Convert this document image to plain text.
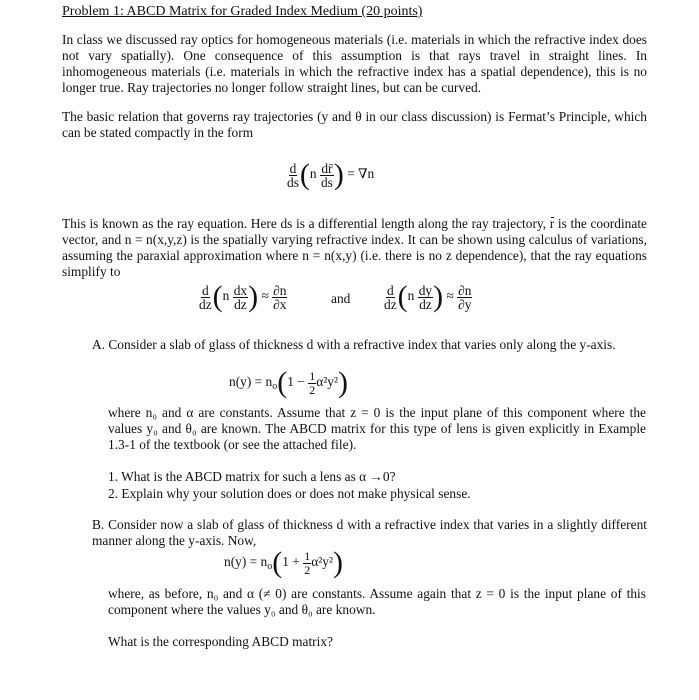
Problem 1: ABCD Matrix for Graded Index Medium (20 points)
In class we discussed ray optics for homogeneous materials (i.e. materials in which the refractive index does not vary spatially). One consequence of this assumption is that rays travel in straight lines. In inhomogeneous materials (i.e. materials in which the refractive index has a spatial dependence), this is no longer true. Ray trajectories no longer follow straight lines, but can be curved.
The basic relation that governs ray trajectories (y and θ in our class discussion) is Fermat’s Principle, which can be stated compactly in the form
$\frac{d}{ds} (n \frac{dr̄}{ds}$ ) = ∇n
This is known as the ray equation. Here ds is a differential length along the ray trajectory, r is the coordinate vector, and n = n(x,y,z) is the spatially varying refractive index. It can be shown using calculus of variations, assuming the paraxial approximation where n = n(x,y) (i.e. there is no z dependence), that the ray equations simplify to
$\frac{d}{dz} (n \frac{dx}{dz}$ ) ≈ $\frac{\partial n}{\partial x}$	and $\frac{d}{dz} (n \frac{dy}{dz}$ ) ≈ $\frac{\partial n}{\partial y}$
A. Consider a slab of glass of thickness d with a refractive index that varies only along the y-axis.
$n(y) = n_o(1 - \frac{1}{2} \alpha^2y^2)$
where n₀ and α are constants. Assume that z = 0 is the input plane of this component where the values y₀ and θ₀ are known. The ABCD matrix for this type of lens is given explicitly in Example 1.3-1 of the textbook (or see the attached file).
1. What is the ABCD matrix for such a lens as α →0?
2. Explain why your solution does or does not make physical sense.
B. Consider now a slab of glass of thickness d with a refractive index that varies in a slightly different manner along the y-axis. Now,
$n(y) = n_o(1 + \frac{1}{2} \alpha^2y^2)$
where, as before, n₀ and α (≠ 0) are constants. Assume again that z = 0 is the input plane of this component where the values y₀ and θ₀ are known.
What is the corresponding ABCD matrix?
